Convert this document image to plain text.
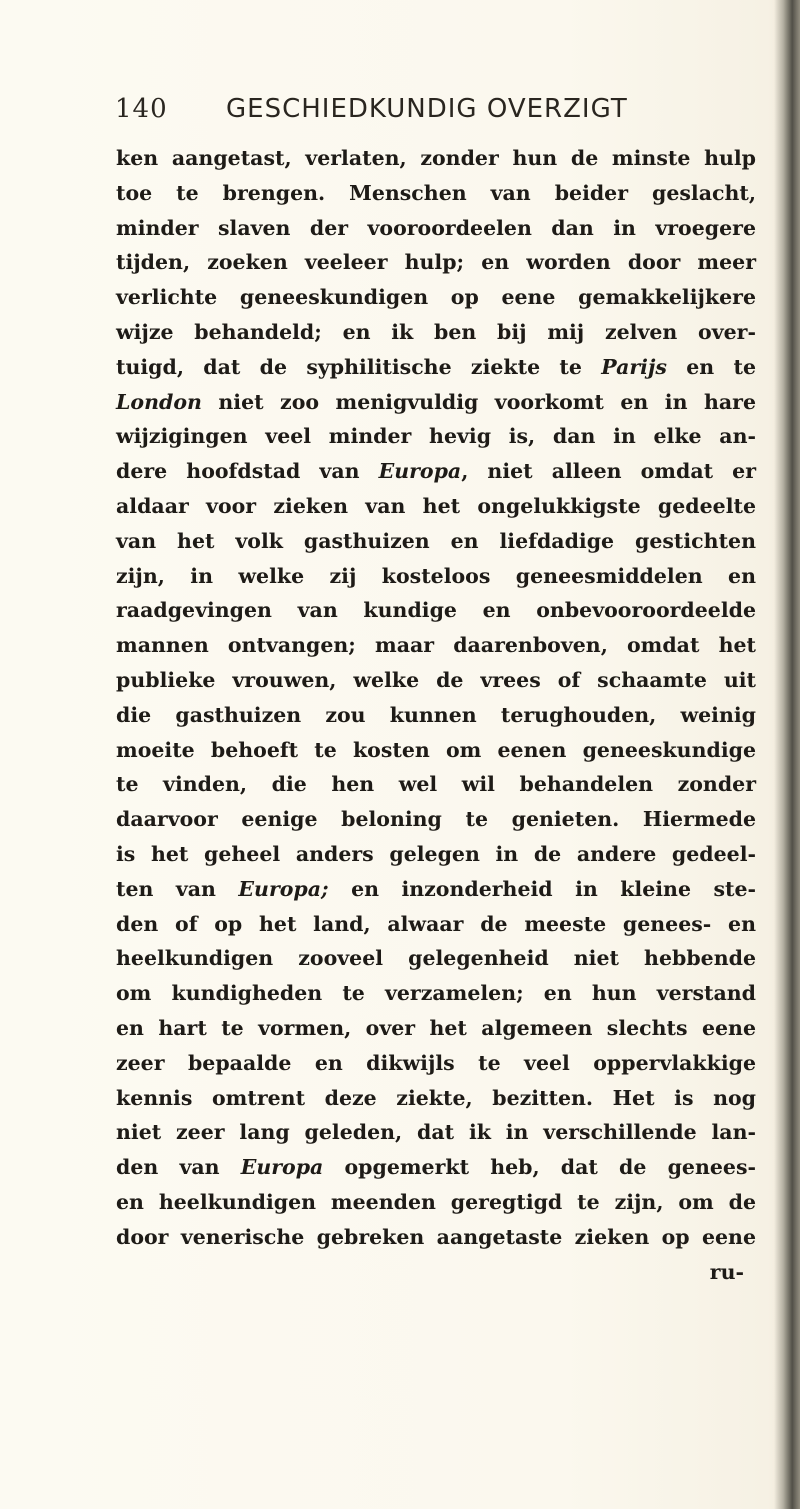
140 GESCHIEDKUNDIG OVERZIGT
ken aangetast, verlaten, zonder hun de minste hulp
toe te brengen. Menschen van beider geslacht,
minder slaven der vooroordeelen dan in vroegere
tijden, zoeken veeleer hulp; en worden door meer
verlichte geneeskundigen op eene gemakkelijkere
wijze behandeld; en ik ben bij mij zelven over-
tuigd, dat de syphilitische ziekte te Parijs en te
London niet zoo menigvuldig voorkomt en in hare
wijzigingen veel minder hevig is, dan in elke an-
dere hoofdstad van Europa, niet alleen omdat er
aldaar voor zieken van het ongelukkigste gedeelte
van het volk gasthuizen en liefdadige gestichten
zijn, in welke zij kosteloos geneesmiddelen en
raadgevingen van kundige en onbevooroordeelde
mannen ontvangen; maar daarenboven, omdat het
publieke vrouwen, welke de vrees of schaamte uit
die gasthuizen zou kunnen terughouden, weinig
moeite behoeft te kosten om eenen geneeskundige
te vinden, die hen wel wil behandelen zonder
daarvoor eenige beloning te genieten. Hiermede
is het geheel anders gelegen in de andere gedeel-
ten van Europa; en inzonderheid in kleine ste-
den of op het land, alwaar de meeste genees- en
heelkundigen zooveel gelegenheid niet hebbende
om kundigheden te verzamelen; en hun verstand
en hart te vormen, over het algemeen slechts eene
zeer bepaalde en dikwijls te veel oppervlakkige
kennis omtrent deze ziekte, bezitten. Het is nog
niet zeer lang geleden, dat ik in verschillende lan-
den van Europa opgemerkt heb, dat de genees-
en heelkundigen meenden geregtigd te zijn, om de
door venerische gebreken aangetaste zieken op eene
ru-
